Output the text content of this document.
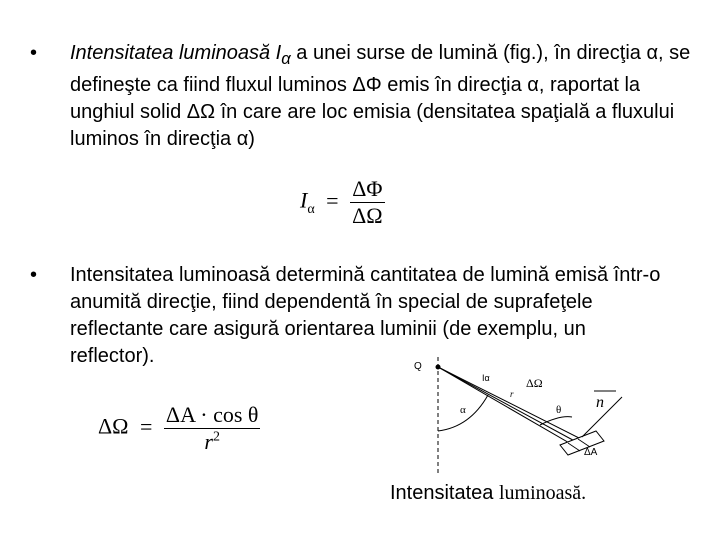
• Intensitatea luminoasă $I_\alpha$ a unei surse de lumină (fig.), în direcţia α, se defineşte ca fiind fluxul luminos ΔΦ emis în direcţia α, raportat la unghiul solid ΔΩ în care are loc emisia (densitatea spaţială a fluxului luminos în direcţia α)
$I_\alpha = \frac{\Delta\Phi}{\Delta\Omega}$
• Intensitatea luminoasă determină cantitatea de lumină emisă într-o anumită direcţie, fiind dependentă în special de suprafeţele reflectante care asigură orientarea luminii (de exemplu, un reflector).
$\Delta\Omega = \frac{\text{ΔA · cos θ}}{r^2}$
Q
Iα
r
ΔΩ
α	θ n
ΔA
Intensitatea luminoasă.
